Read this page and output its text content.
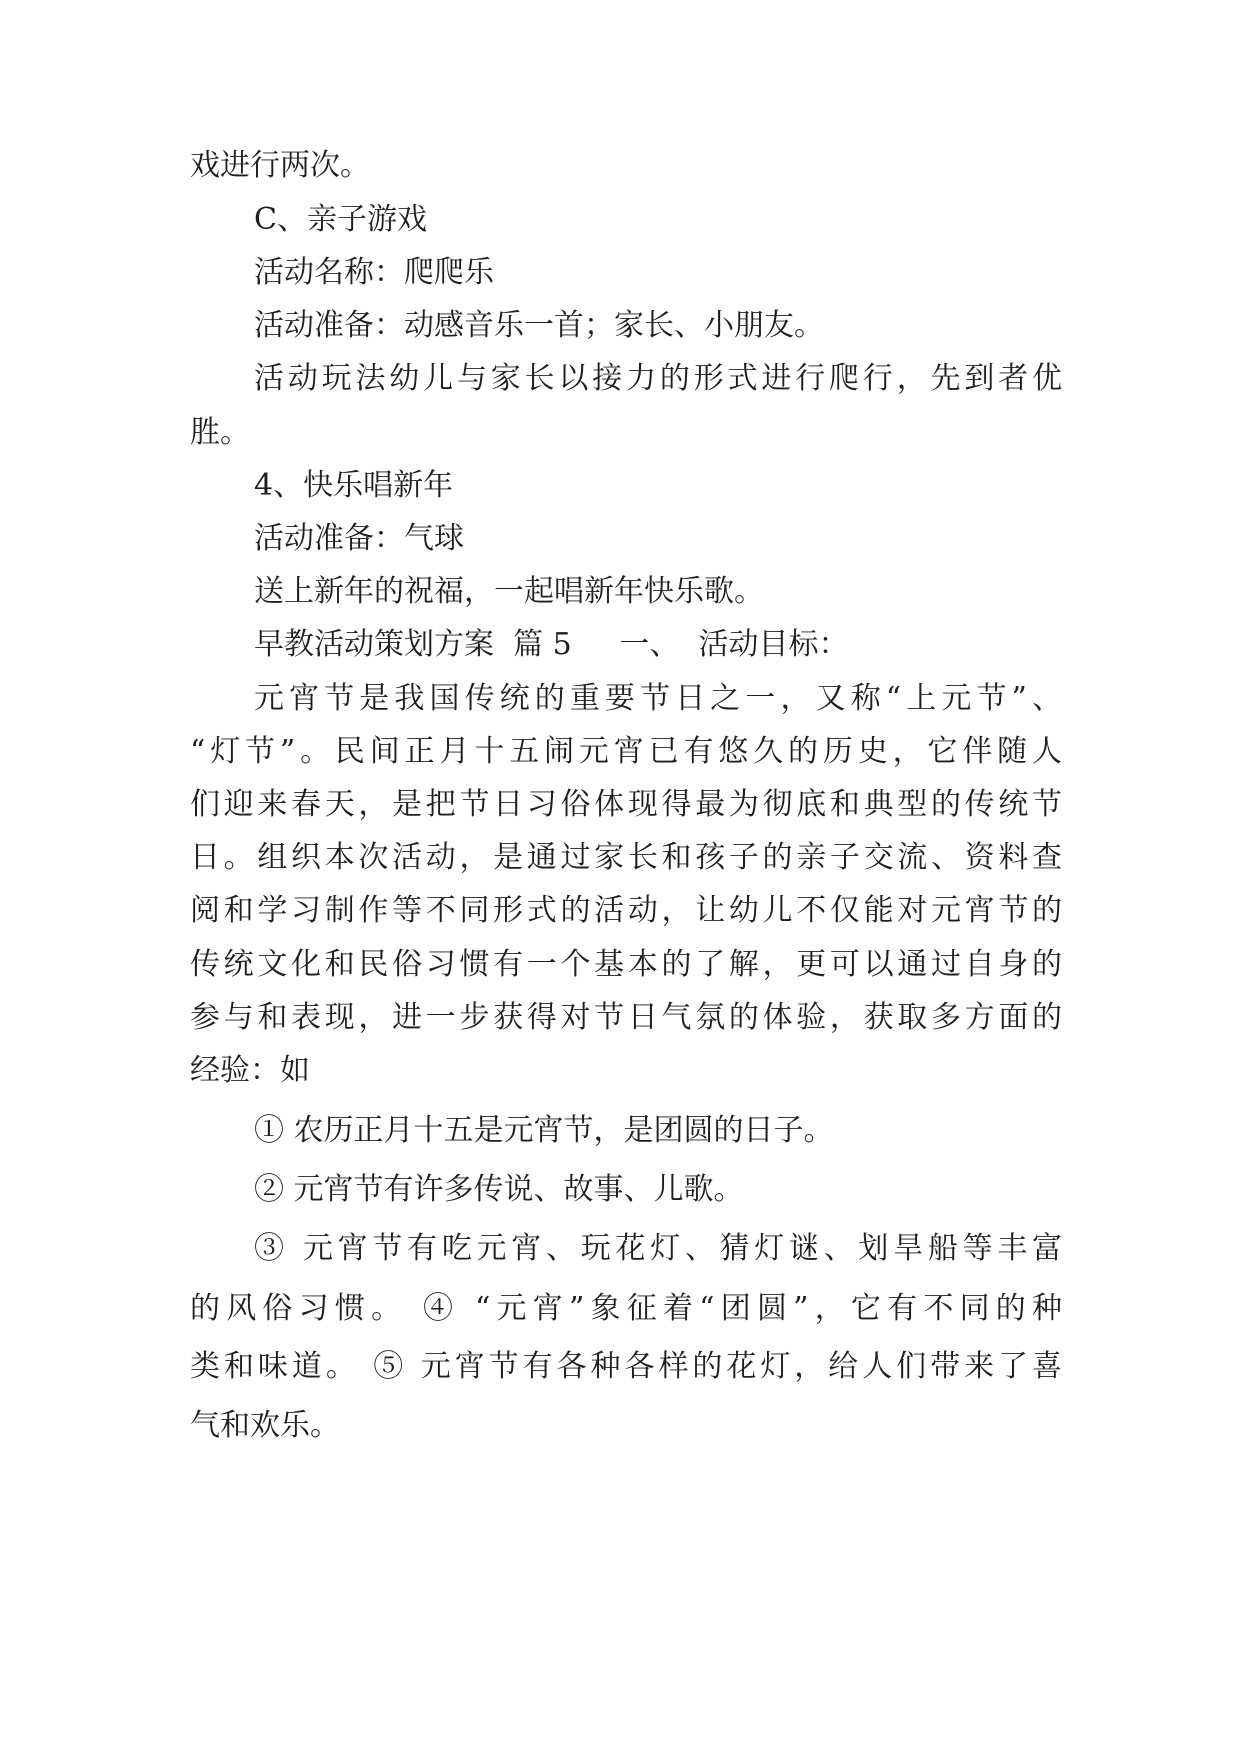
戏进行两次。

C、亲子游戏

活动名称：爬爬乐

活动准备：动感音乐一首；家长、小朋友。

活动玩法幼儿与家长以接力的形式进行爬行，先到者优

胜。

4、快乐唱新年

活动准备：气球

送上新年的祝福，一起唱新年快乐歌。

早教活动策划方案  篇 5     一、  活动目标：

元宵节是我国传统的重要节日之一，又称“上元节”、

“灯节”。民间正月十五闹元宵已有悠久的历史，它伴随人

们迎来春天，是把节日习俗体现得最为彻底和典型的传统节

日。组织本次活动，是通过家长和孩子的亲子交流、资料查

阅和学习制作等不同形式的活动，让幼儿不仅能对元宵节的

传统文化和民俗习惯有一个基本的了解，更可以通过自身的

参与和表现，进一步获得对节日气氛的体验，获取多方面的

经验：如

① 农历正月十五是元宵节，是团圆的日子。

② 元宵节有许多传说、故事、儿歌。

③ 元宵节有吃元宵、玩花灯、猜灯谜、划旱船等丰富

的风俗习惯。 ④ “元宵”象征着“团圆”，它有不同的种

类和味道。 ⑤ 元宵节有各种各样的花灯，给人们带来了喜

气和欢乐。
